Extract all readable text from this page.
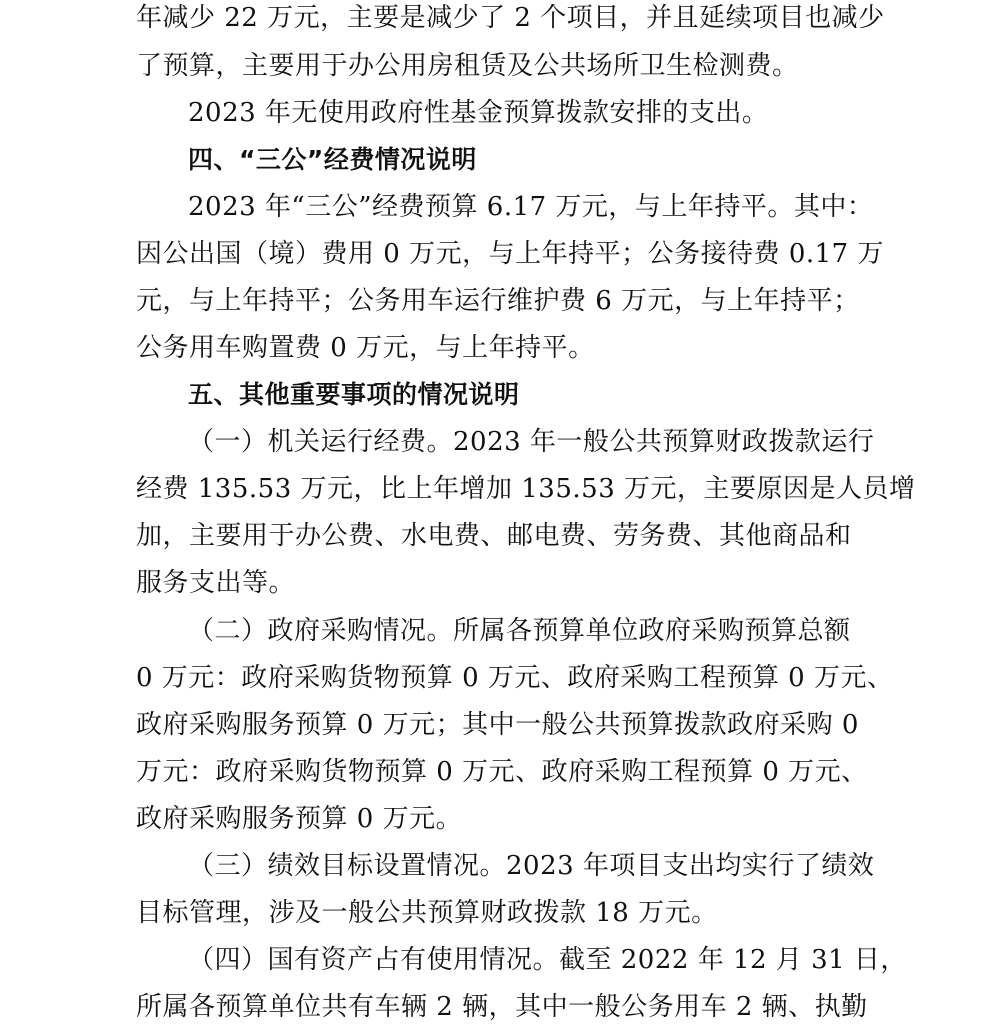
年减少 22 万元，主要是减少了 2 个项目，并且延续项目也减少
了预算，主要用于办公用房租赁及公共场所卫生检测费。
2023 年无使用政府性基金预算拨款安排的支出。
四、“三公”经费情况说明
2023 年“三公”经费预算 6.17 万元，与上年持平。其中：
因公出国（境）费用 0 万元，与上年持平；公务接待费 0.17 万
元，与上年持平；公务用车运行维护费 6 万元，与上年持平；
公务用车购置费 0 万元，与上年持平。
五、其他重要事项的情况说明
（一）机关运行经费。2023 年一般公共预算财政拨款运行
经费 135.53 万元，比上年增加 135.53 万元，主要原因是人员增
加，主要用于办公费、水电费、邮电费、劳务费、其他商品和
服务支出等。
（二）政府采购情况。所属各预算单位政府采购预算总额
0 万元：政府采购货物预算 0 万元、政府采购工程预算 0 万元、
政府采购服务预算 0 万元；其中一般公共预算拨款政府采购 0
万元：政府采购货物预算 0 万元、政府采购工程预算 0 万元、
政府采购服务预算 0 万元。
（三）绩效目标设置情况。2023 年项目支出均实行了绩效
目标管理，涉及一般公共预算财政拨款 18 万元。
（四）国有资产占有使用情况。截至 2022 年 12 月 31 日，
所属各预算单位共有车辆 2 辆，其中一般公务用车 2 辆、执勤
